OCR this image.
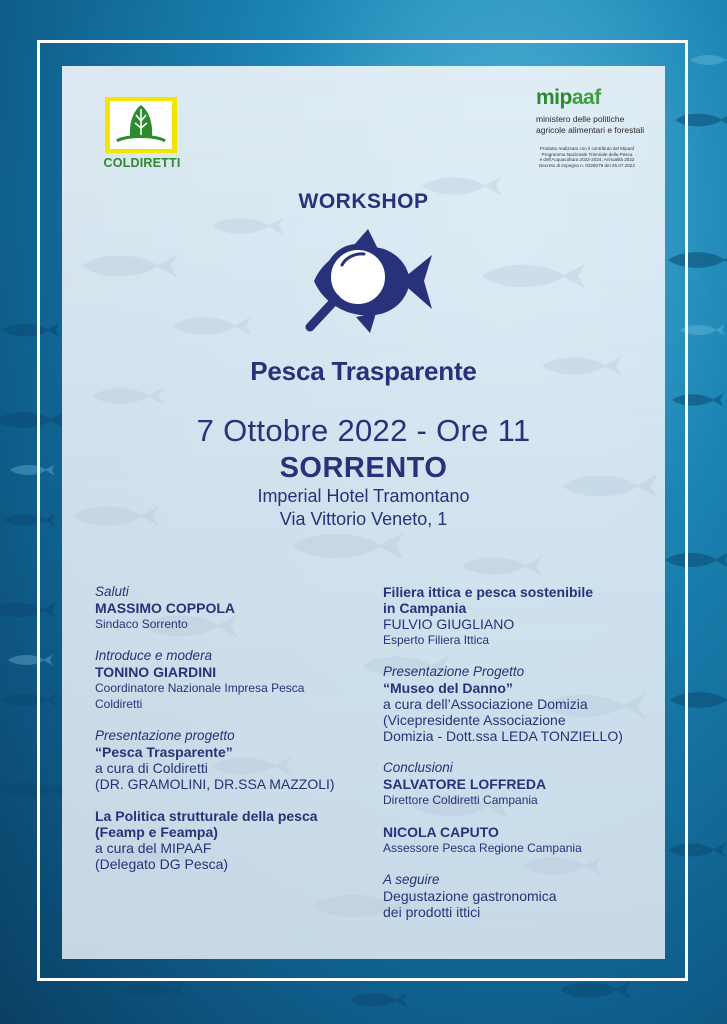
COLDIRETTI
mipaaf
ministero delle politiche
agricole alimentari e forestali
Prodotto realizzato con il contributo del Mipaaf
Programma Nazionale Triennale della Pesca
e dell'Acquacoltura 2022-2024, Annualità 2022
Decreto di impegno n. 0328079 del 25.07.2022
WORKSHOP
Pesca Trasparente
7 Ottobre 2022 - Ore 11
SORRENTO
Imperial Hotel Tramontano
Via Vittorio Veneto, 1
Saluti
MASSIMO COPPOLA
Sindaco Sorrento
Introduce e modera
TONINO GIARDINI
Coordinatore Nazionale Impresa Pesca
Coldiretti
Presentazione progetto
“Pesca Trasparente”
a cura di Coldiretti
(DR. GRAMOLINI, DR.SSA MAZZOLI)
La Politica strutturale della pesca
(Feamp e Feampa)
a cura del MIPAAF
(Delegato DG Pesca)
Filiera ittica e pesca sostenibile
in Campania
FULVIO GIUGLIANO
Esperto Filiera Ittica
Presentazione Progetto
“Museo del Danno”
a cura dell’Associazione Domizia
(Vicepresidente Associazione
Domizia - Dott.ssa LEDA TONZIELLO)
Conclusioni
SALVATORE LOFFREDA
Direttore Coldiretti Campania
NICOLA CAPUTO
Assessore Pesca Regione Campania
A seguire
Degustazione gastronomica
dei prodotti ittici
